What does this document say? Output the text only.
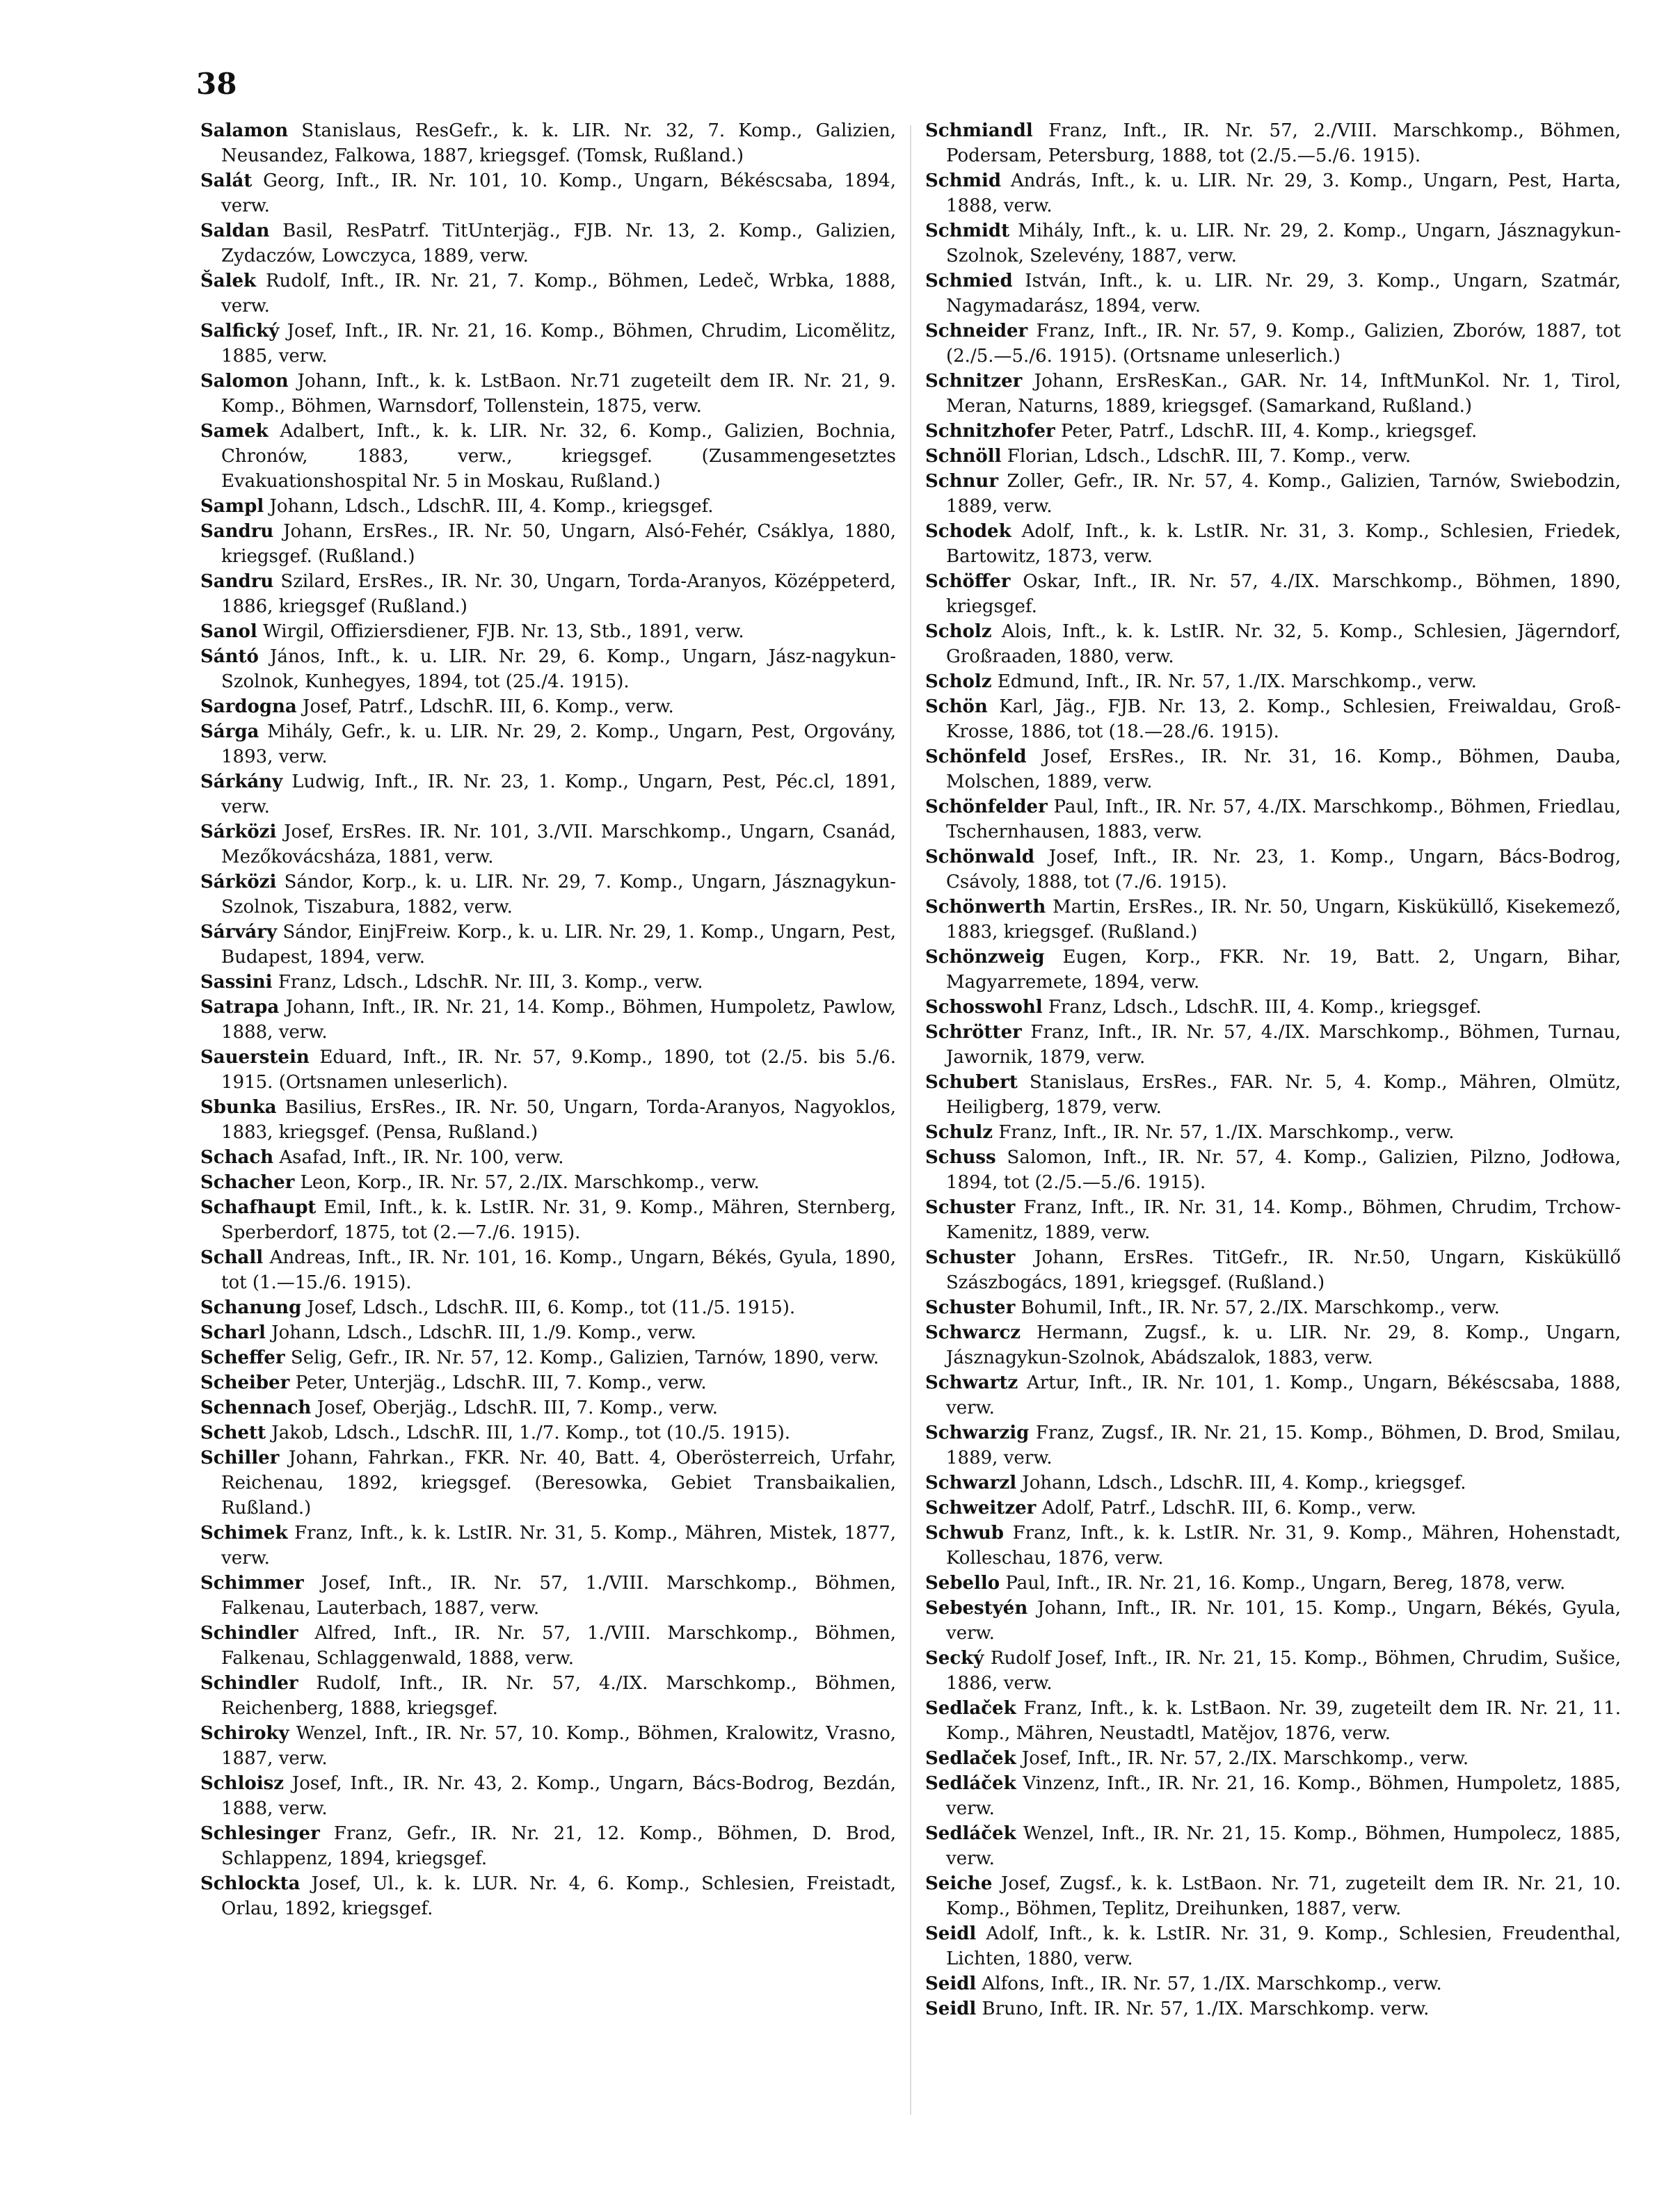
38
Salamon Stanislaus, ResGefr., k. k. LIR. Nr. 32, 7. Komp., Galizien, Neusandez, Falkowa, 1887, kriegsgef. (Tomsk, Rußland.)
Salát Georg, Inft., IR. Nr. 101, 10. Komp., Ungarn, Békéscsaba, 1894, verw.
Saldan Basil, ResPatrf. TitUnterjäg., FJB. Nr. 13, 2. Komp., Galizien, Zydaczów, Lowczyca, 1889, verw.
Šalek Rudolf, Inft., IR. Nr. 21, 7. Komp., Böhmen, Ledeč, Wrbka, 1888, verw.
Salfický Josef, Inft., IR. Nr. 21, 16. Komp., Böhmen, Chrudim, Licomělitz, 1885, verw.
Salomon Johann, Inft., k. k. LstBaon. Nr.71 zugeteilt dem IR. Nr. 21, 9. Komp., Böhmen, Warnsdorf, Tollenstein, 1875, verw.
Samek Adalbert, Inft., k. k. LIR. Nr. 32, 6. Komp., Galizien, Bochnia, Chronów, 1883, verw., kriegsgef. (Zusammengesetztes Evakuationshospital Nr. 5 in Moskau, Rußland.)
Sampl Johann, Ldsch., LdschR. III, 4. Komp., kriegsgef.
Sandru Johann, ErsRes., IR. Nr. 50, Ungarn, Alsó-Fehér, Csáklya, 1880, kriegsgef. (Rußland.)
Sandru Szilard, ErsRes., IR. Nr. 30, Ungarn, Torda-Aranyos, Középpeterd, 1886, kriegsgef (Rußland.)
Sanol Wirgil, Offiziersdiener, FJB. Nr. 13, Stb., 1891, verw.
Sántó János, Inft., k. u. LIR. Nr. 29, 6. Komp., Ungarn, Jász-nagykun-Szolnok, Kunhegyes, 1894, tot (25./4. 1915).
Sardogna Josef, Patrf., LdschR. III, 6. Komp., verw.
Sárga Mihály, Gefr., k. u. LIR. Nr. 29, 2. Komp., Ungarn, Pest, Orgovány, 1893, verw.
Sárkány Ludwig, Inft., IR. Nr. 23, 1. Komp., Ungarn, Pest, Péc.cl, 1891, verw.
Sárközi Josef, ErsRes. IR. Nr. 101, 3./VII. Marschkomp., Ungarn, Csanád, Mezőkovácsháza, 1881, verw.
Sárközi Sándor, Korp., k. u. LIR. Nr. 29, 7. Komp., Ungarn, Jásznagykun-Szolnok, Tiszabura, 1882, verw.
Sárváry Sándor, EinjFreiw. Korp., k. u. LIR. Nr. 29, 1. Komp., Ungarn, Pest, Budapest, 1894, verw.
Sassini Franz, Ldsch., LdschR. Nr. III, 3. Komp., verw.
Satrapa Johann, Inft., IR. Nr. 21, 14. Komp., Böhmen, Humpoletz, Pawlow, 1888, verw.
Sauerstein Eduard, Inft., IR. Nr. 57, 9.Komp., 1890, tot (2./5. bis 5./6. 1915. (Ortsnamen unleserlich).
Sbunka Basilius, ErsRes., IR. Nr. 50, Ungarn, Torda-Aranyos, Nagyoklos, 1883, kriegsgef. (Pensa, Rußland.)
Schach Asafad, Inft., IR. Nr. 100, verw.
Schacher Leon, Korp., IR. Nr. 57, 2./IX. Marschkomp., verw.
Schafhaupt Emil, Inft., k. k. LstIR. Nr. 31, 9. Komp., Mähren, Sternberg, Sperberdorf, 1875, tot (2.—7./6. 1915).
Schall Andreas, Inft., IR. Nr. 101, 16. Komp., Ungarn, Békés, Gyula, 1890, tot (1.—15./6. 1915).
Schanung Josef, Ldsch., LdschR. III, 6. Komp., tot (11./5. 1915).
Scharl Johann, Ldsch., LdschR. III, 1./9. Komp., verw.
Scheffer Selig, Gefr., IR. Nr. 57, 12. Komp., Galizien, Tarnów, 1890, verw.
Scheiber Peter, Unterjäg., LdschR. III, 7. Komp., verw.
Schennach Josef, Oberjäg., LdschR. III, 7. Komp., verw.
Schett Jakob, Ldsch., LdschR. III, 1./7. Komp., tot (10./5. 1915).
Schiller Johann, Fahrkan., FKR. Nr. 40, Batt. 4, Oberösterreich, Urfahr, Reichenau, 1892, kriegsgef. (Beresowka, Gebiet Transbaikalien, Rußland.)
Schimek Franz, Inft., k. k. LstIR. Nr. 31, 5. Komp., Mähren, Mistek, 1877, verw.
Schimmer Josef, Inft., IR. Nr. 57, 1./VIII. Marschkomp., Böhmen, Falkenau, Lauterbach, 1887, verw.
Schindler Alfred, Inft., IR. Nr. 57, 1./VIII. Marschkomp., Böhmen, Falkenau, Schlaggenwald, 1888, verw.
Schindler Rudolf, Inft., IR. Nr. 57, 4./IX. Marschkomp., Böhmen, Reichenberg, 1888, kriegsgef.
Schiroky Wenzel, Inft., IR. Nr. 57, 10. Komp., Böhmen, Kralowitz, Vrasno, 1887, verw.
Schloisz Josef, Inft., IR. Nr. 43, 2. Komp., Ungarn, Bács-Bodrog, Bezdán, 1888, verw.
Schlesinger Franz, Gefr., IR. Nr. 21, 12. Komp., Böhmen, D. Brod, Schlappenz, 1894, kriegsgef.
Schlockta Josef, Ul., k. k. LUR. Nr. 4, 6. Komp., Schlesien, Freistadt, Orlau, 1892, kriegsgef.
Schmiandl Franz, Inft., IR. Nr. 57, 2./VIII. Marschkomp., Böhmen, Podersam, Petersburg, 1888, tot (2./5.—5./6. 1915).
Schmid András, Inft., k. u. LIR. Nr. 29, 3. Komp., Ungarn, Pest, Harta, 1888, verw.
Schmidt Mihály, Inft., k. u. LIR. Nr. 29, 2. Komp., Ungarn, Jásznagykun-Szolnok, Szelevény, 1887, verw.
Schmied István, Inft., k. u. LIR. Nr. 29, 3. Komp., Ungarn, Szatmár, Nagymadarász, 1894, verw.
Schneider Franz, Inft., IR. Nr. 57, 9. Komp., Galizien, Zborów, 1887, tot (2./5.—5./6. 1915). (Ortsname unleserlich.)
Schnitzer Johann, ErsResKan., GAR. Nr. 14, InftMunKol. Nr. 1, Tirol, Meran, Naturns, 1889, kriegsgef. (Samarkand, Rußland.)
Schnitzhofer Peter, Patrf., LdschR. III, 4. Komp., kriegsgef.
Schnöll Florian, Ldsch., LdschR. III, 7. Komp., verw.
Schnur Zoller, Gefr., IR. Nr. 57, 4. Komp., Galizien, Tarnów, Swiebodzin, 1889, verw.
Schodek Adolf, Inft., k. k. LstIR. Nr. 31, 3. Komp., Schlesien, Friedek, Bartowitz, 1873, verw.
Schöffer Oskar, Inft., IR. Nr. 57, 4./IX. Marschkomp., Böhmen, 1890, kriegsgef.
Scholz Alois, Inft., k. k. LstIR. Nr. 32, 5. Komp., Schlesien, Jägerndorf, Großraaden, 1880, verw.
Scholz Edmund, Inft., IR. Nr. 57, 1./IX. Marschkomp., verw.
Schön Karl, Jäg., FJB. Nr. 13, 2. Komp., Schlesien, Freiwaldau, Groß-Krosse, 1886, tot (18.—28./6. 1915).
Schönfeld Josef, ErsRes., IR. Nr. 31, 16. Komp., Böhmen, Dauba, Molschen, 1889, verw.
Schönfelder Paul, Inft., IR. Nr. 57, 4./IX. Marschkomp., Böhmen, Friedlau, Tschernhausen, 1883, verw.
Schönwald Josef, Inft., IR. Nr. 23, 1. Komp., Ungarn, Bács-Bodrog, Csávoly, 1888, tot (7./6. 1915).
Schönwerth Martin, ErsRes., IR. Nr. 50, Ungarn, Kisküküllő, Kisekemező, 1883, kriegsgef. (Rußland.)
Schönzweig Eugen, Korp., FKR. Nr. 19, Batt. 2, Ungarn, Bihar, Magyarremete, 1894, verw.
Schosswohl Franz, Ldsch., LdschR. III, 4. Komp., kriegsgef.
Schrötter Franz, Inft., IR. Nr. 57, 4./IX. Marschkomp., Böhmen, Turnau, Jawornik, 1879, verw.
Schubert Stanislaus, ErsRes., FAR. Nr. 5, 4. Komp., Mähren, Olmütz, Heiligberg, 1879, verw.
Schulz Franz, Inft., IR. Nr. 57, 1./IX. Marschkomp., verw.
Schuss Salomon, Inft., IR. Nr. 57, 4. Komp., Galizien, Pilzno, Jodłowa, 1894, tot (2./5.—5./6. 1915).
Schuster Franz, Inft., IR. Nr. 31, 14. Komp., Böhmen, Chrudim, Trchow-Kamenitz, 1889, verw.
Schuster Johann, ErsRes. TitGefr., IR. Nr.50, Ungarn, Kisküküllő Szászbogács, 1891, kriegsgef. (Rußland.)
Schuster Bohumil, Inft., IR. Nr. 57, 2./IX. Marschkomp., verw.
Schwarcz Hermann, Zugsf., k. u. LIR. Nr. 29, 8. Komp., Ungarn, Jásznagykun-Szolnok, Abádszalok, 1883, verw.
Schwartz Artur, Inft., IR. Nr. 101, 1. Komp., Ungarn, Békéscsaba, 1888, verw.
Schwarzig Franz, Zugsf., IR. Nr. 21, 15. Komp., Böhmen, D. Brod, Smilau, 1889, verw.
Schwarzl Johann, Ldsch., LdschR. III, 4. Komp., kriegsgef.
Schweitzer Adolf, Patrf., LdschR. III, 6. Komp., verw.
Schwub Franz, Inft., k. k. LstIR. Nr. 31, 9. Komp., Mähren, Hohenstadt, Kolleschau, 1876, verw.
Sebello Paul, Inft., IR. Nr. 21, 16. Komp., Ungarn, Bereg, 1878, verw.
Sebestyén Johann, Inft., IR. Nr. 101, 15. Komp., Ungarn, Békés, Gyula, verw.
Secký Rudolf Josef, Inft., IR. Nr. 21, 15. Komp., Böhmen, Chrudim, Sušice, 1886, verw.
Sedlaček Franz, Inft., k. k. LstBaon. Nr. 39, zugeteilt dem IR. Nr. 21, 11. Komp., Mähren, Neustadtl, Matějov, 1876, verw.
Sedlaček Josef, Inft., IR. Nr. 57, 2./IX. Marschkomp., verw.
Sedláček Vinzenz, Inft., IR. Nr. 21, 16. Komp., Böhmen, Humpoletz, 1885, verw.
Sedláček Wenzel, Inft., IR. Nr. 21, 15. Komp., Böhmen, Humpolecz, 1885, verw.
Seiche Josef, Zugsf., k. k. LstBaon. Nr. 71, zugeteilt dem IR. Nr. 21, 10. Komp., Böhmen, Teplitz, Dreihunken, 1887, verw.
Seidl Adolf, Inft., k. k. LstIR. Nr. 31, 9. Komp., Schlesien, Freudenthal, Lichten, 1880, verw.
Seidl Alfons, Inft., IR. Nr. 57, 1./IX. Marschkomp., verw.
Seidl Bruno, Inft. IR. Nr. 57, 1./IX. Marschkomp. verw.
